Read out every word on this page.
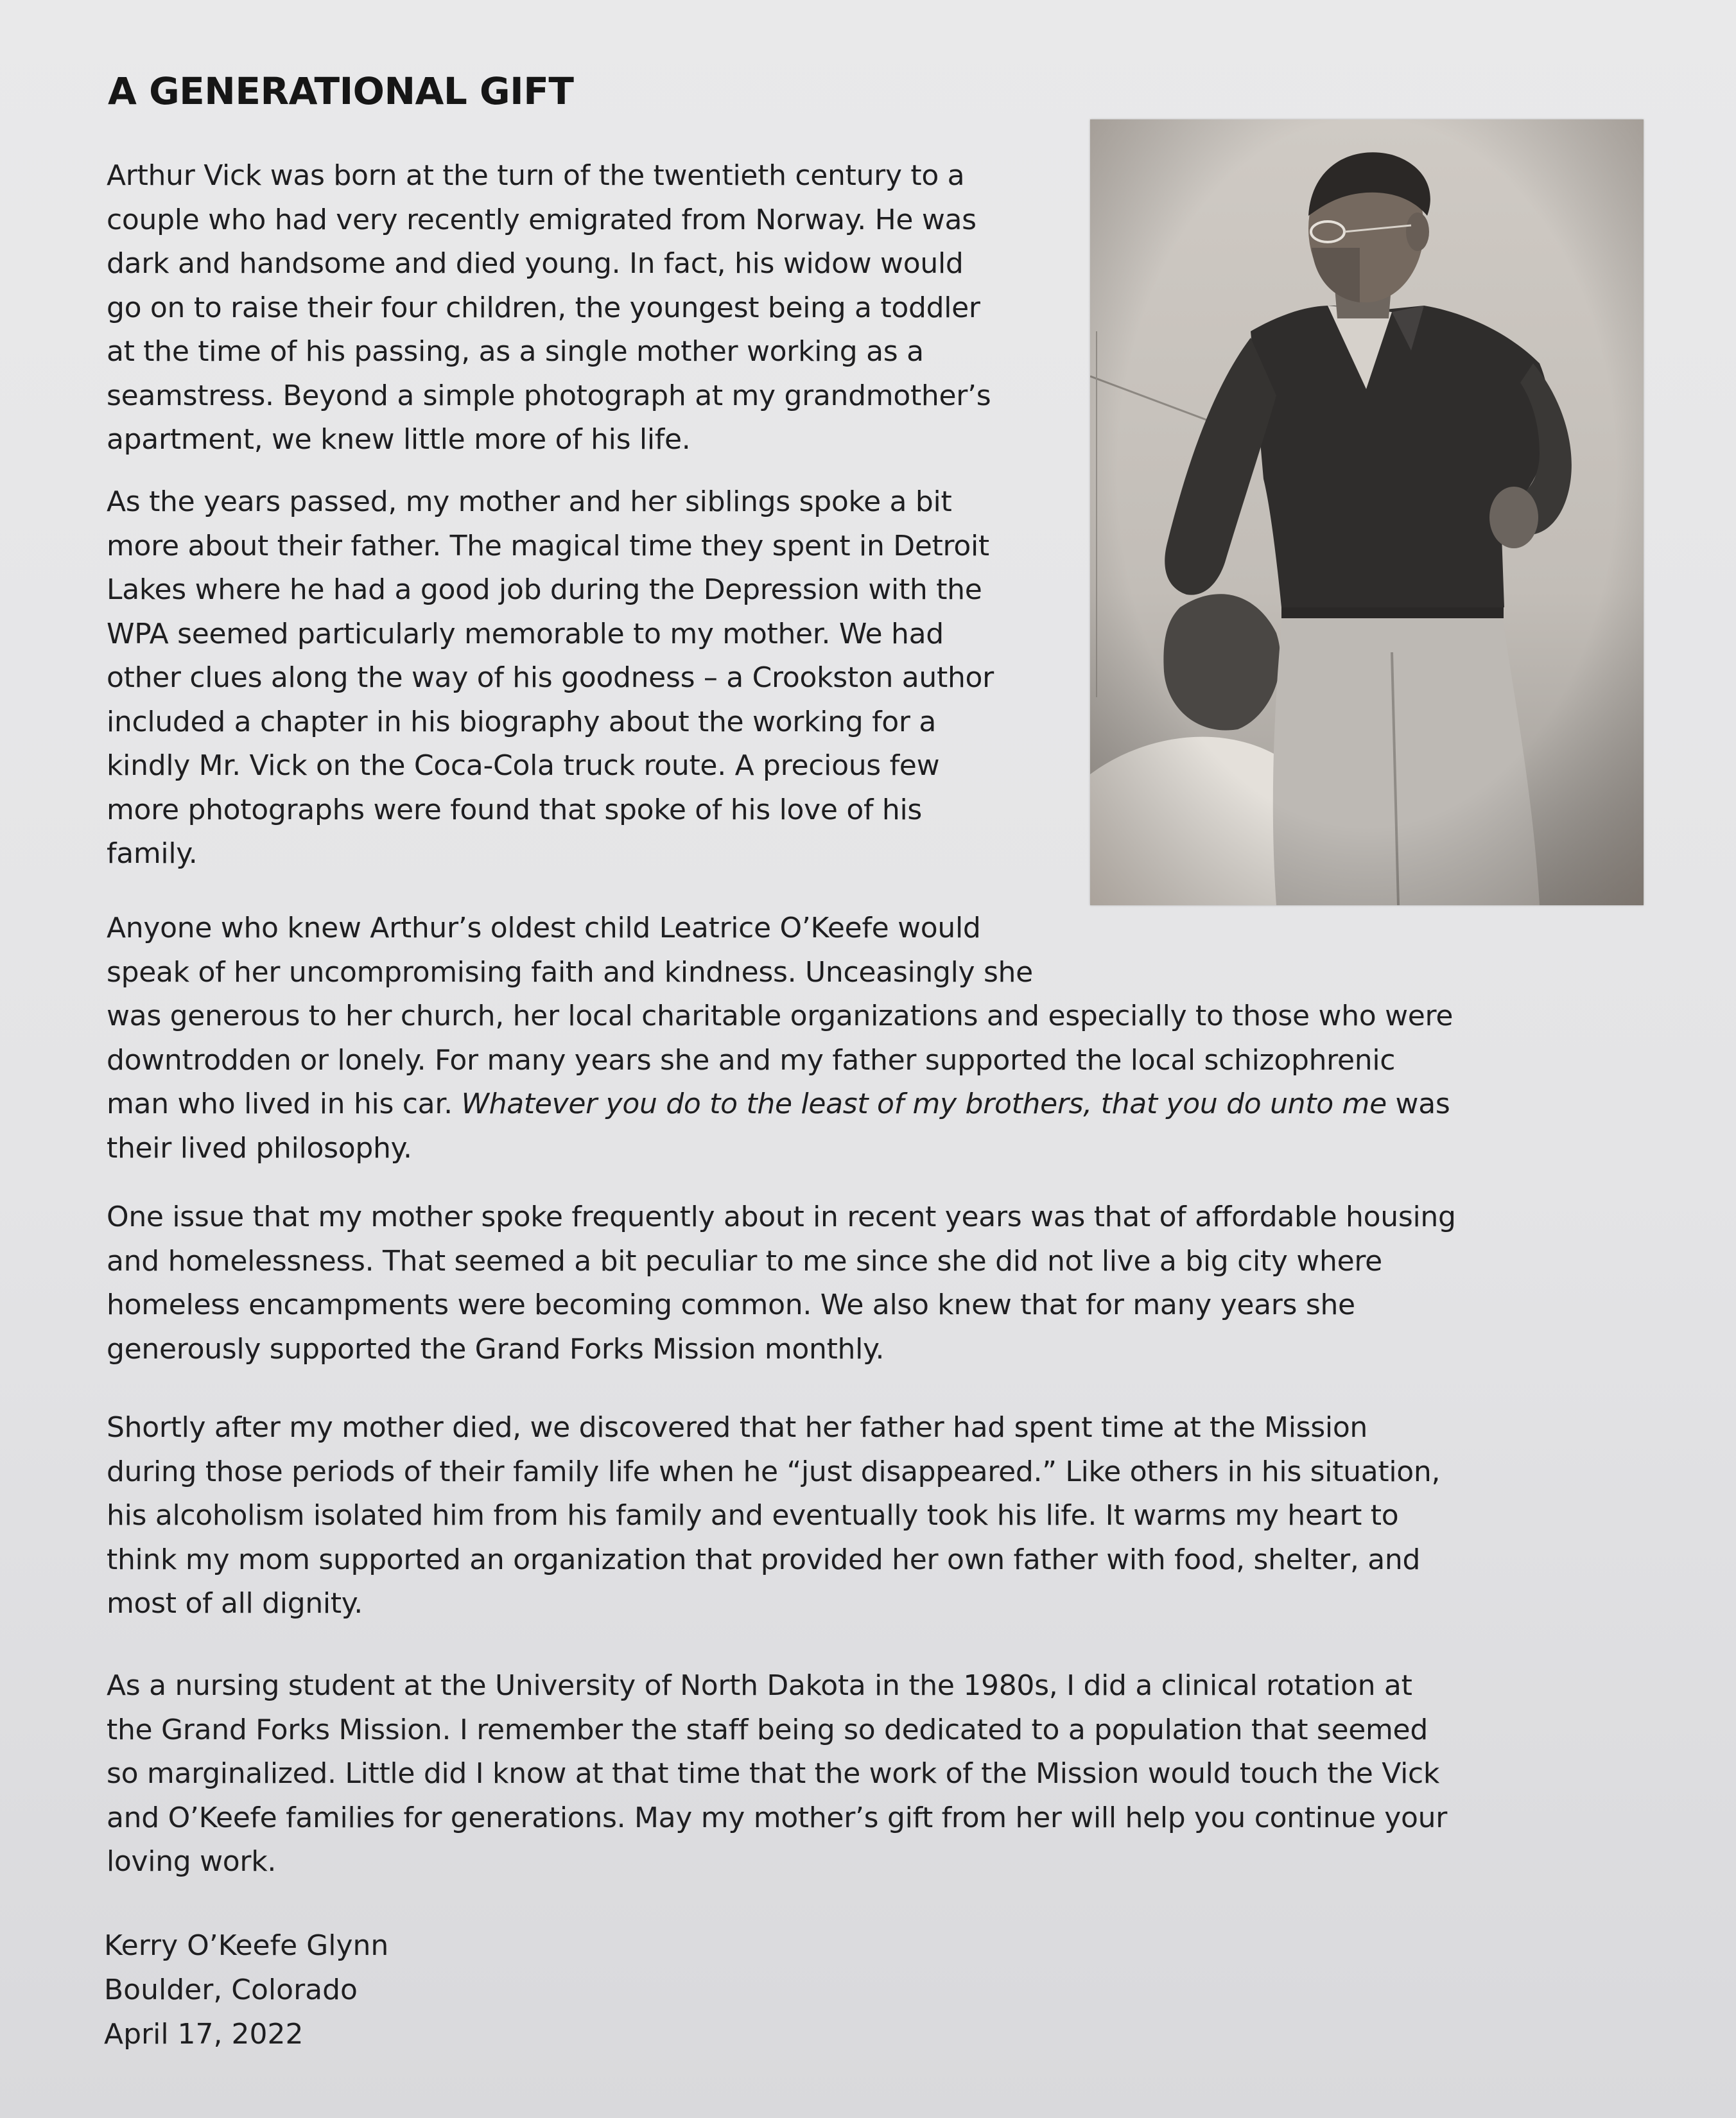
A GENERATIONAL GIFT

Arthur Vick was born at the turn of the twentieth century to a
couple who had very recently emigrated from Norway. He was
dark and handsome and died young. In fact, his widow would
go on to raise their four children, the youngest being a toddler
at the time of his passing, as a single mother working as a
seamstress. Beyond a simple photograph at my grandmother’s
apartment, we knew little more of his life.

As the years passed, my mother and her siblings spoke a bit
more about their father. The magical time they spent in Detroit
Lakes where he had a good job during the Depression with the
WPA seemed particularly memorable to my mother. We had
other clues along the way of his goodness – a Crookston author
included a chapter in his biography about the working for a
kindly Mr. Vick on the Coca-Cola truck route. A precious few
more photographs were found that spoke of his love of his
family.

Anyone who knew Arthur’s oldest child Leatrice O’Keefe would
speak of her uncompromising faith and kindness. Unceasingly she
was generous to her church, her local charitable organizations and especially to those who were
downtrodden or lonely. For many years she and my father supported the local schizophrenic
man who lived in his car. Whatever you do to the least of my brothers, that you do unto me was
their lived philosophy.

One issue that my mother spoke frequently about in recent years was that of affordable housing
and homelessness. That seemed a bit peculiar to me since she did not live a big city where
homeless encampments were becoming common. We also knew that for many years she
generously supported the Grand Forks Mission monthly.

Shortly after my mother died, we discovered that her father had spent time at the Mission
during those periods of their family life when he “just disappeared.” Like others in his situation,
his alcoholism isolated him from his family and eventually took his life. It warms my heart to
think my mom supported an organization that provided her own father with food, shelter, and
most of all dignity.

As a nursing student at the University of North Dakota in the 1980s, I did a clinical rotation at
the Grand Forks Mission. I remember the staff being so dedicated to a population that seemed
so marginalized. Little did I know at that time that the work of the Mission would touch the Vick
and O’Keefe families for generations. May my mother’s gift from her will help you continue your
loving work.

Kerry O’Keefe Glynn
Boulder, Colorado
April 17, 2022
